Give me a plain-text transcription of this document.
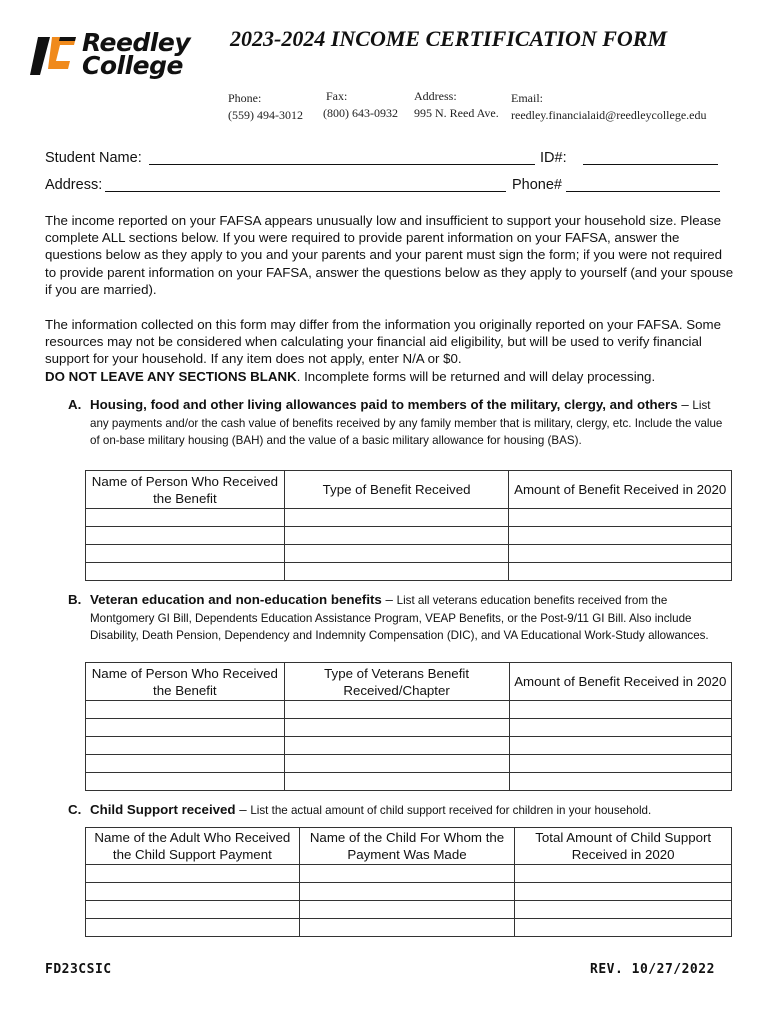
Reedley
College
2023-2024 INCOME CERTIFICATION FORM
Phone:
(559) 494-3012
Fax:
(800) 643-0932
Address:
995 N. Reed Ave.
Email:
reedley.financialaid@reedleycollege.edu
Student Name:	ID#:
Address:	Phone#
The income reported on your FAFSA appears unusually low and insufficient to support your household size. Please complete ALL sections below. If you were required to provide parent information on your FAFSA, answer the questions below as they apply to you and your parents and your parent must sign the form; if you were not required to provide parent information on your FAFSA, answer the questions below as they apply to yourself (and your spouse if you are married).
The information collected on this form may differ from the information you originally reported on your FAFSA. Some resources may not be considered when calculating your financial aid eligibility, but will be used to verify financial support for your household. If any item does not apply, enter N/A or $0.
DO NOT LEAVE ANY SECTIONS BLANK. Incomplete forms will be returned and will delay processing.
A. Housing, food and other living allowances paid to members of the military, clergy, and others – List any payments and/or the cash value of benefits received by any family member that is military, clergy, etc. Include the value of on-base military housing (BAH) and the value of a basic military allowance for housing (BAS).
Name of Person Who Received the Benefit	Type of Benefit Received	Amount of Benefit Received in 2020

B. Veteran education and non-education benefits – List all veterans education benefits received from the Montgomery GI Bill, Dependents Education Assistance Program, VEAP Benefits, or the Post-9/11 GI Bill. Also include Disability, Death Pension, Dependency and Indemnity Compensation (DIC), and VA Educational Work-Study allowances.
Name of Person Who Received the Benefit	Type of Veterans Benefit Received/Chapter	Amount of Benefit Received in 2020

C. Child Support received – List the actual amount of child support received for children in your household.
Name of the Adult Who Received the Child Support Payment	Name of the Child For Whom the Payment Was Made	Total Amount of Child Support Received in 2020

FD23CSIC	REV. 10/27/2022
